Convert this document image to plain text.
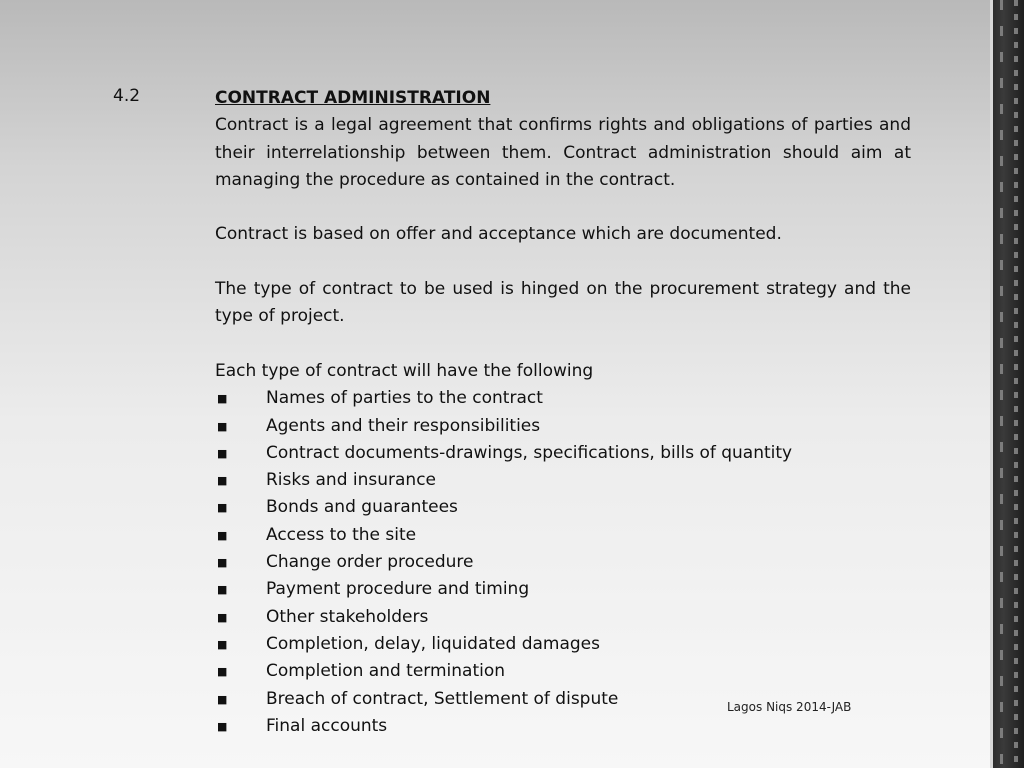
4.2	CONTRACT ADMINISTRATION

Contract is a legal agreement that confirms rights and obligations of parties and their interrelationship between them. Contract administration should aim at managing the procedure as contained in the contract.

Contract is based on offer and acceptance which are documented.

The type of contract to be used is hinged on the procurement strategy and the type of project.

Each type of contract will have the following

■ Names of parties to the contract
■ Agents and their responsibilities
■ Contract documents-drawings, specifications, bills of quantity
■ Risks and insurance
■ Bonds and guarantees
■ Access to the site
■ Change order procedure
■ Payment procedure and timing
■ Other stakeholders
■ Completion, delay, liquidated damages
■ Completion and termination
■ Breach of contract, Settlement of dispute
■ Final accounts
Lagos Niqs 2014-JAB
